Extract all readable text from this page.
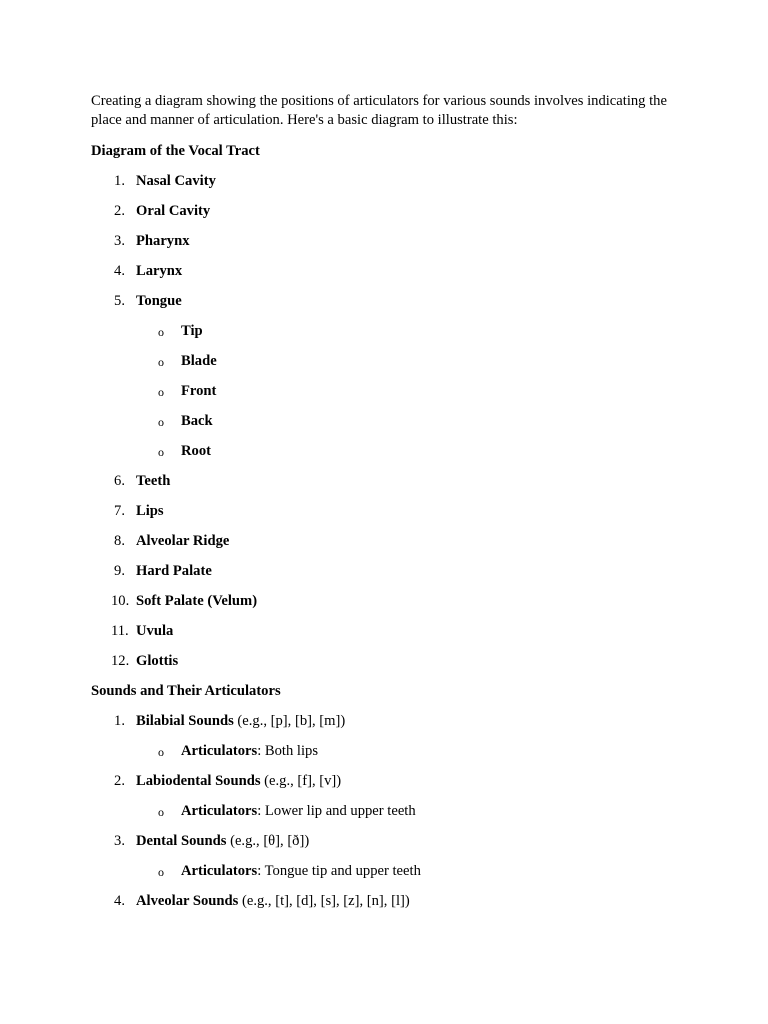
Creating a diagram showing the positions of articulators for various sounds involves indicating the place and manner of articulation. Here's a basic diagram to illustrate this:

Diagram of the Vocal Tract

1. Nasal Cavity
2. Oral Cavity
3. Pharynx
4. Larynx
5. Tongue
o Tip
o Blade
o Front
o Back
o Root
6. Teeth
7. Lips
8. Alveolar Ridge
9. Hard Palate
10. Soft Palate (Velum)
11. Uvula
12. Glottis

Sounds and Their Articulators

1. Bilabial Sounds (e.g., [p], [b], [m])
o Articulators: Both lips
2. Labiodental Sounds (e.g., [f], [v])
o Articulators: Lower lip and upper teeth
3. Dental Sounds (e.g., [θ], [ð])
o Articulators: Tongue tip and upper teeth
4. Alveolar Sounds (e.g., [t], [d], [s], [z], [n], [l])
